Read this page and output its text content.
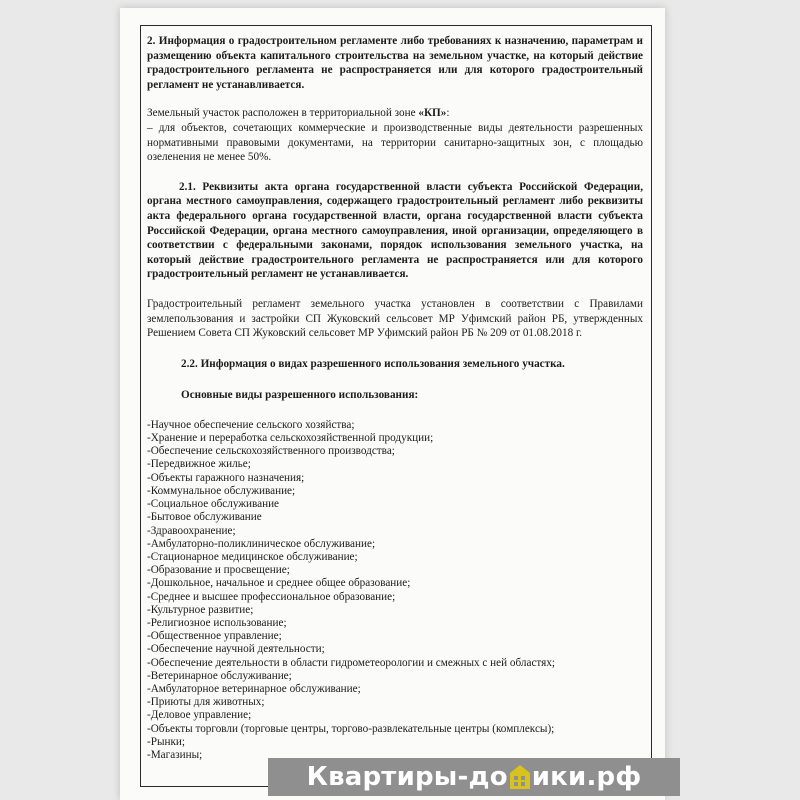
2. Информация о градостроительном регламенте либо требованиях к назначению, параметрам и размещению объекта капитального строительства на земельном участке, на который действие градостроительного регламента не распространяется или для которого градостроительный регламент не устанавливается.

Земельный участок расположен в территориальной зоне «КП»:
– для объектов, сочетающих коммерческие и производственные виды деятельности разрешенных нормативными правовыми документами, на территории санитарно-защитных зон, с площадью озеленения не менее 50%.

2.1. Реквизиты акта органа государственной власти субъекта Российской Федерации, органа местного самоуправления, содержащего градостроительный регламент либо реквизиты акта федерального органа государственной власти, органа государственной власти субъекта Российской Федерации, органа местного самоуправления, иной организации, определяющего в соответствии с федеральными законами, порядок использования земельного участка, на который действие градостроительного регламента не распространяется или для которого градостроительный регламент не устанавливается.

Градостроительный регламент земельного участка установлен в соответствии с Правилами землепользования и застройки СП Жуковский сельсовет МР Уфимский район РБ, утвержденных Решением Совета СП Жуковский сельсовет МР Уфимский район РБ № 209 от 01.08.2018 г.

2.2. Информация о видах разрешенного использования земельного участка.

Основные виды разрешенного использования:

-Научное обеспечение сельского хозяйства;
-Хранение и переработка сельскохозяйственной продукции;
-Обеспечение сельскохозяйственного производства;
-Передвижное жилье;
-Объекты гаражного назначения;
-Коммунальное обслуживание;
-Социальное обслуживание
-Бытовое обслуживание
-Здравоохранение;
-Амбулаторно-поликлиническое обслуживание;
-Стационарное медицинское обслуживание;
-Образование и просвещение;
-Дошкольное, начальное и среднее общее образование;
-Среднее и высшее профессиональное образование;
-Культурное развитие;
-Религиозное использование;
-Общественное управление;
-Обеспечение научной деятельности;
-Обеспечение деятельности в области гидрометеорологии и смежных с ней областях;
-Ветеринарное обслуживание;
-Амбулаторное ветеринарное обслуживание;
-Приюты для животных;
-Деловое управление;
-Объекты торговли (торговые центры, торгово-развлекательные центры (комплексы);
-Рынки;
-Магазины;
Квартиры-до ики.рф
